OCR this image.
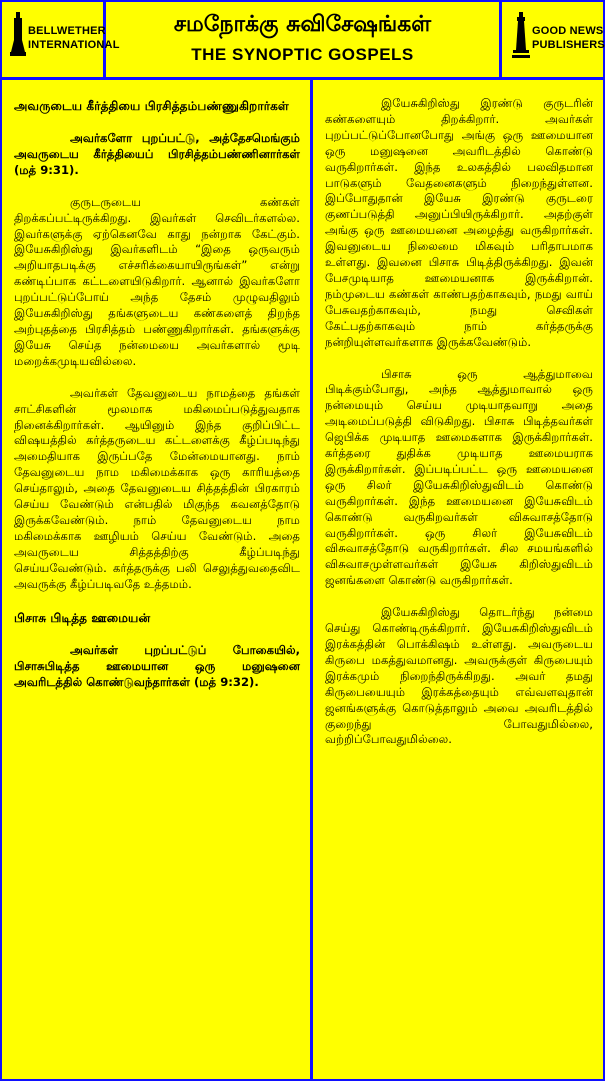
BELLWETHER
INTERNATIONAL
சமநோக்கு சுவிசேஷங்கள்
THE SYNOPTIC GOSPELS
GOOD NEWS
PUBLISHERS
அவருடைய கீர்த்தியை பிரசித்தம்பண்ணுகிறார்கள்

அவர்களோ புறப்பட்டு, அத்தேசமெங்கும் அவருடைய கீர்த்தியைப் பிரசித்தம்பண்ணினார்கள் (மத் 9:31).

குருடருடைய கண்கள் திறக்கப்பட்டிருக்கிறது. இவர்கள் செவிடர்களல்ல. இவர்களுக்கு ஏற்கெனவே காது நன்றாக கேட்கும். இயேசுகிறிஸ்து இவர்களிடம் “இதை ஒருவரும் அறியாதபடிக்கு எச்சரிக்கையாயிருங்கள்” என்று கண்டிப்பாக கட்டளையிடுகிறார். ஆனால் இவர்களோ புறப்பட்டுப்போய் அந்த தேசம் முழுவதிலும் இயேசுகிறிஸ்து தங்களுடைய கண்களைத் திறந்த அற்புதத்தை பிரசித்தம் பண்ணுகிறார்கள். தங்களுக்கு இயேசு செய்த நன்மையை அவர்களால் மூடி மறைக்கமுடியவில்லை.

அவர்கள் தேவனுடைய நாமத்தை தங்கள் சாட்சிகளின் மூலமாக மகிமைப்படுத்துவதாக நினைக்கிறார்கள். ஆயினும் இந்த குறிப்பிட்ட விஷயத்தில் கர்த்தருடைய கட்டளைக்கு கீழ்ப்படிந்து அமைதியாக இருப்பதே மேன்மையானது. நாம் தேவனுடைய நாம மகிமைக்காக ஒரு காரியத்தை செய்தாலும், அதை தேவனுடைய சித்தத்தின் பிரகாரம் செய்ய வேண்டும் என்பதில் மிகுந்த கவனத்தோடு இருக்கவேண்டும். நாம் தேவனுடைய நாம மகிமைக்காக ஊழியம் செய்ய வேண்டும். அதை அவருடைய சித்தத்திற்கு கீழ்ப்படிந்து செய்யவேண்டும். கர்த்தருக்கு பலி செலுத்துவதைவிட அவருக்கு கீழ்ப்படிவதே உத்தமம்.

பிசாசு பிடித்த ஊமையன்

அவர்கள் புறப்பட்டுப் போகையில், பிசாசுபிடித்த ஊமையான ஒரு மனுஷனை அவரிடத்தில் கொண்டுவந்தார்கள் (மத் 9:32).

இயேசுகிறிஸ்து இரண்டு குருடரின் கண்களையும் திறக்கிறார். அவர்கள் புறப்பட்டுப்போனபோது அங்கு ஒரு ஊமையான ஒரு மனுஷனை அவரிடத்தில் கொண்டு வருகிறார்கள். இந்த உலகத்தில் பலவிதமான பாடுகளும் வேதனைகளும் நிறைந்துள்ளன. இப்போதுதான் இயேசு இரண்டு குருடரை குணப்படுத்தி அனுப்பியிருக்கிறார். அதற்குள் அங்கு ஒரு ஊமையனை அழைத்து வருகிறார்கள். இவனுடைய நிலைமை மிகவும் பரிதாபமாக உள்ளது. இவனை பிசாசு பிடித்திருக்கிறது. இவன் பேசமுடியாத ஊமையனாக இருக்கிறான். நம்முடைய கண்கள் காண்பதற்காகவும், நமது வாய் பேசுவதற்காகவும், நமது செவிகள் கேட்பதற்காகவும் நாம் கர்த்தருக்கு நன்றியுள்ளவர்களாக இருக்கவேண்டும்.

பிசாசு ஒரு ஆத்துமாவை பிடிக்கும்போது, அந்த ஆத்துமாவால் ஒரு நன்மையும் செய்ய முடியாதவாறு அதை அடிமைப்படுத்தி விடுகிறது. பிசாசு பிடித்தவர்கள் ஜெபிக்க முடியாத ஊமைகளாக இருக்கிறார்கள். கர்த்தரை துதிக்க முடியாத ஊமையராக இருக்கிறார்கள். இப்படிப்பட்ட ஒரு ஊமையனை ஒரு சிலர் இயேசுகிறிஸ்துவிடம் கொண்டு வருகிறார்கள். இந்த ஊமையனை இயேசுவிடம் கொண்டு வருகிறவர்கள் விசுவாசத்தோடு வருகிறார்கள். ஒரு சிலர் இயேசுவிடம் விசுவாசத்தோடு வருகிறார்கள். சில சமயங்களில் விசுவாசமுள்ளவர்கள் இயேசு கிறிஸ்துவிடம் ஜனங்களை கொண்டு வருகிறார்கள்.

இயேசுகிறிஸ்து தொடர்ந்து நன்மை செய்து கொண்டிருக்கிறார். இயேசுகிறிஸ்துவிடம் இரக்கத்தின் பொக்கிஷம் உள்ளது. அவருடைய கிருபை மகத்துவமானது. அவருக்குள் கிருபையும் இரக்கமும் நிறைந்திருக்கிறது. அவர் தமது கிருபையையும் இரக்கத்தையும் எவ்வளவுதான் ஜனங்களுக்கு கொடுத்தாலும் அவை அவரிடத்தில் குறைந்து போவதுமில்லை, வற்றிப்போவதுமில்லை.
